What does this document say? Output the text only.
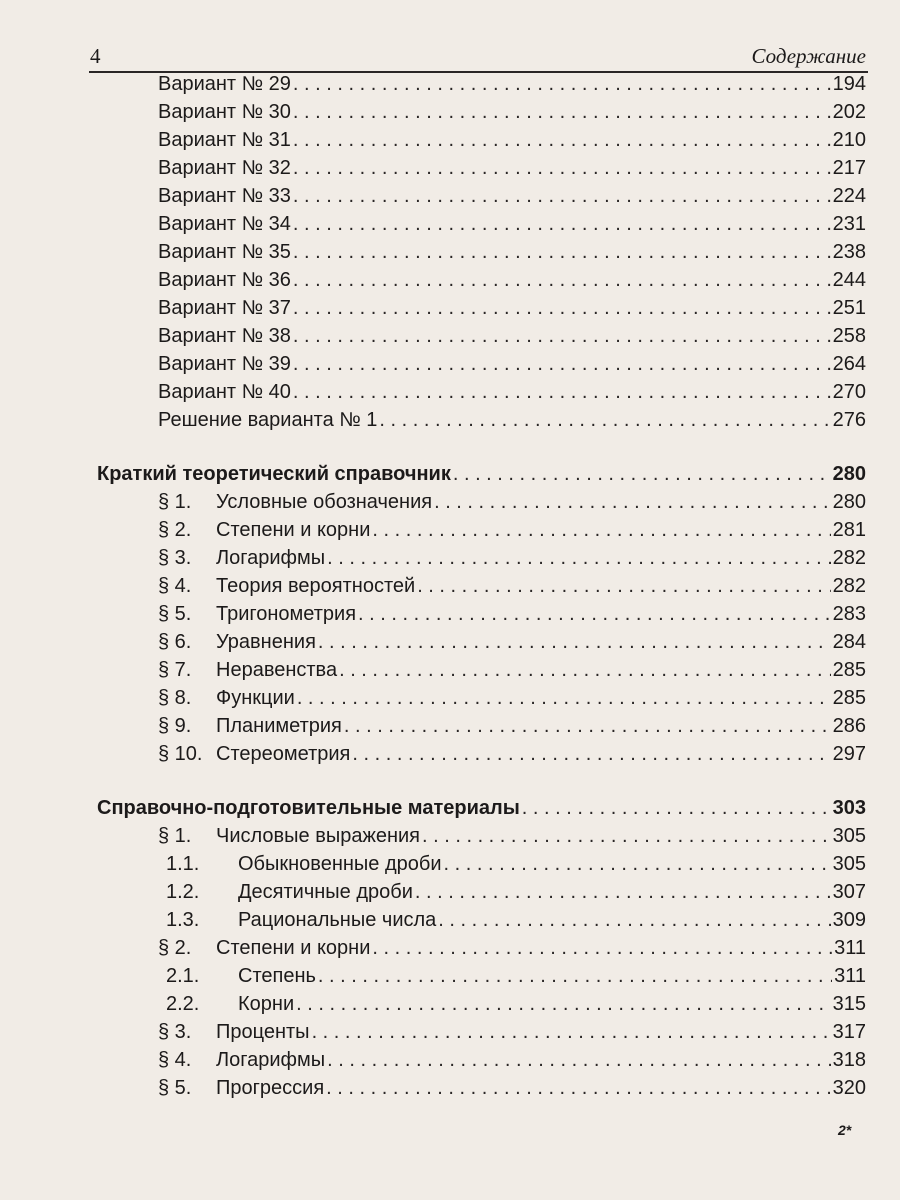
4	Содержание
Вариант № 29 . . .	194
Вариант № 30 . . .	202
Вариант № 31 . . .	210
Вариант № 32 . . .	217
Вариант № 33 . . .	224
Вариант № 34 . . .	231
Вариант № 35 . . .	238
Вариант № 36 . . .	244
Вариант № 37 . . .	251
Вариант № 38 . . .	258
Вариант № 39 . . .	264
Вариант № 40 . . .	270
Решение варианта № 1 . . .	276
Краткий теоретический справочник . . .	280
§ 1.	Условные обозначения . . .	280
§ 2.	Степени и корни . . .	281
§ 3.	Логарифмы . . .	282
§ 4.	Теория вероятностей . . .	282
§ 5.	Тригонометрия . . .	283
§ 6.	Уравнения . . .	284
§ 7.	Неравенства . . .	285
§ 8.	Функции . . .	285
§ 9.	Планиметрия . . .	286
§ 10. Стереометрия . . .	297
Справочно-подготовительные материалы . . .	303
§ 1.	Числовые выражения . . .	305
1.1.	Обыкновенные дроби . . .	305
1.2.	Десятичные дроби . . .	307
1.3.	Рациональные числа . . .	309
§ 2.	Степени и корни . . .	311
2.1.	Степень . . .	311
2.2.	Корни . . .	315
§ 3.	Проценты . . .	317
§ 4.	Логарифмы . . .	318
§ 5.	Прогрессия . . .	320
2*
